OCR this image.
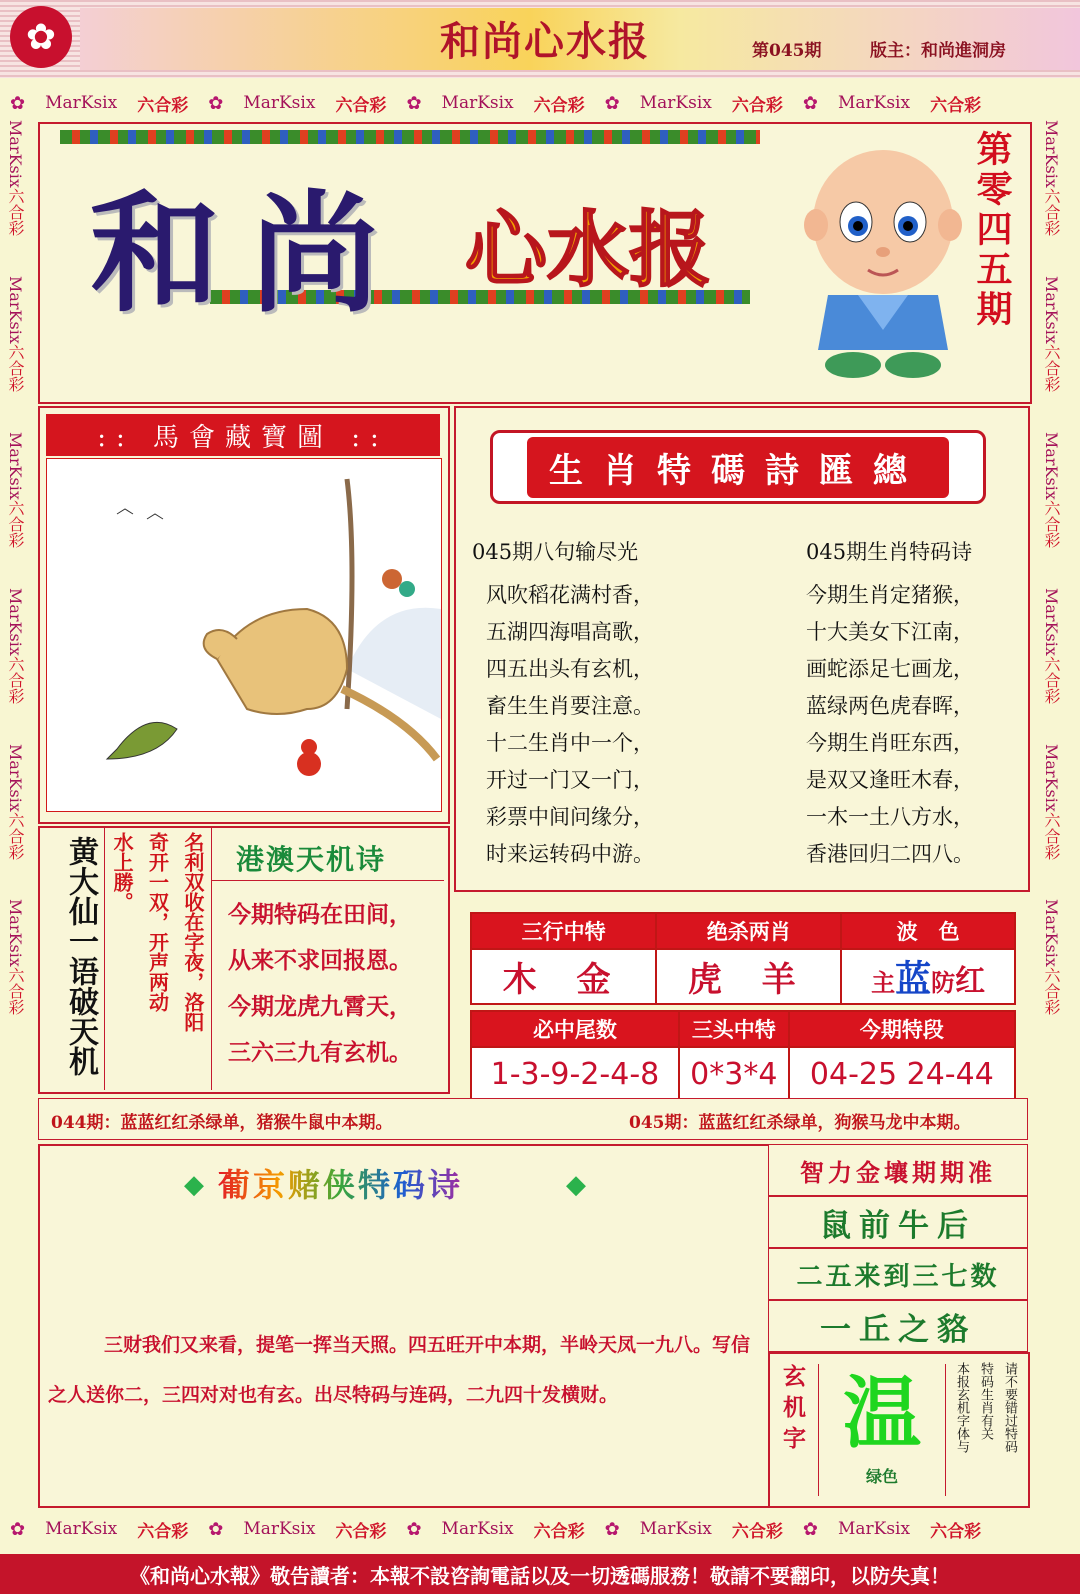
✿	和尚心水报	第045期	版主：和尚進洞房
✿ MarKsix 六合彩 ✿ MarKsix 六合彩 ✿ MarKsix 六合彩 ✿ MarKsix 六合彩 ✿ MarKsix 六合彩
✿ MarKsix 六合彩 ✿ MarKsix 六合彩 ✿ MarKsix 六合彩 ✿ MarKsix 六合彩 ✿ MarKsix 六合彩
MarKsix六合彩
MarKsix六合彩
MarKsix六合彩
MarKsix六合彩
MarKsix六合彩
MarKsix六合彩
MarKsix六合彩
MarKsix六合彩
MarKsix六合彩
MarKsix六合彩
MarKsix六合彩
MarKsix六合彩
和尚 心水报	第零四五期
:: 馬會藏寶圖 ::
黄大仙一语破天机	名利双收在字夜，洛阳
奇开一双，开声两动
水上勝。	港澳天机诗
今期特码在田间，
从来不求回报恩。
今期龙虎九霄天，
三六三九有玄机。
生肖特碼詩匯總
045期八句输尽光
风吹稻花满村香，
五湖四海唱高歌，
四五出头有玄机，
畜生生肖要注意。
十二生肖中一个，
开过一门又一门，
彩票中间问缘分，
时来运转码中游。
045期生肖特码诗
今期生肖定猪猴，
十大美女下江南，
画蛇添足七画龙，
蓝绿两色虎春晖，
今期生肖旺东西，
是双又逢旺木春，
一木一土八方水，
香港回归二四八。
三行中特	绝杀两肖	波　色
木 金	虎 羊	主蓝防红
必中尾数	三头中特	今期特段
1-3-9-2-4-8	0*3*4	04-25 24-44
044期：蓝蓝红红杀绿单，猪猴牛鼠中本期。	045期：蓝蓝红红杀绿单，狗猴马龙中本期。
◆ 葡京赌侠特码诗	◆
三财我们又来看，提笔一挥当天照。四五旺开中本期，半岭天凤一九八。写信之人送你二，三四对对也有玄。出尽特码与连码，二九四十发横财。
智力金壤期期准
鼠前牛后
二五来到三七数
一丘之貉
玄机字 温
绿色
请不要错过特码
特码生肖有关
本报玄机字体与
《和尚心水報》敬告讀者：本報不設咨詢電話以及一切透碼服務！敬請不要翻印，以防失真！
